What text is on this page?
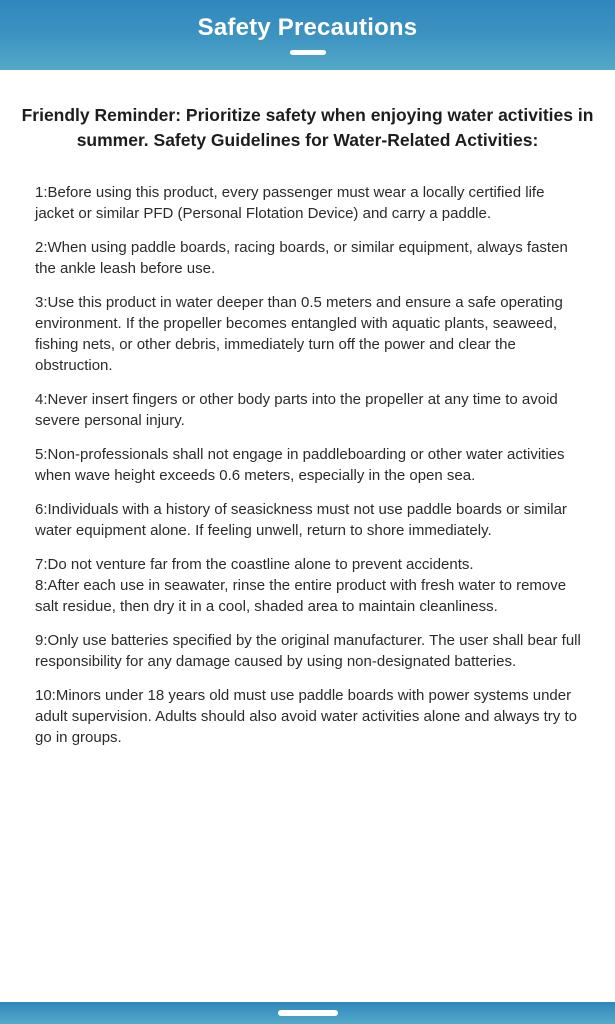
Safety Precautions
Friendly Reminder: Prioritize safety when enjoying water activities in
summer. Safety Guidelines for Water-Related Activities:

1:Before using this product, every passenger must wear a locally certified life jacket or similar PFD (Personal Flotation Device) and carry a paddle.

2:When using paddle boards, racing boards, or similar equipment, always fasten the ankle leash before use.

3:Use this product in water deeper than 0.5 meters and ensure a safe operating environment. If the propeller becomes entangled with aquatic plants, seaweed, fishing nets, or other debris, immediately turn off the power and clear the obstruction.

4:Never insert fingers or other body parts into the propeller at any time to avoid severe personal injury.

5:Non-professionals shall not engage in paddleboarding or other water activities when wave height exceeds 0.6 meters, especially in the open sea.

6:Individuals with a history of seasickness must not use paddle boards or similar water equipment alone. If feeling unwell, return to shore immediately.

7:Do not venture far from the coastline alone to prevent accidents.

8:After each use in seawater, rinse the entire product with fresh water to remove salt residue, then dry it in a cool, shaded area to maintain cleanliness.

9:Only use batteries specified by the original manufacturer. The user shall bear full responsibility for any damage caused by using non-designated batteries.

10:Minors under 18 years old must use paddle boards with power systems under adult supervision. Adults should also avoid water activities alone and always try to go in groups.
